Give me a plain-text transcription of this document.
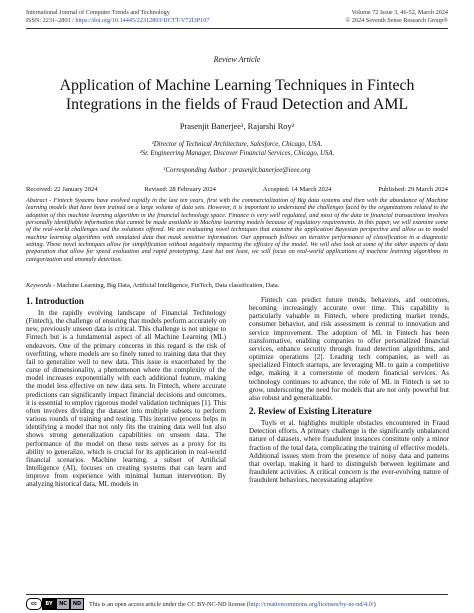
International Journal of Computer Trends and Technology
ISSN: 2231–2803 / https://doi.org/10.14445/22312803/IJCTT-V72I3P107
Volume 72 Issue 3, 46-52, March 2024
© 2024 Seventh Sense Research Group®
Review Article
Application of Machine Learning Techniques in Fintech
Integrations in the fields of Fraud Detection and AML
Prasenjit Banerjee¹, Rajarshi Roy²
¹Director of Technical Architecture, Salesforce, Chicago, USA.
²Sr. Engineering Manager, Discover Financial Services, Chicago, USA.
¹Corresponding Author : prasenjit.banerjee@ieee.org
Received: 22 January 2024	Revised: 28 February 2024	Accepted: 14 March 2024	Published: 29 March 2024

Abstract - Fintech Systems have evolved rapidly in the last ten years, first with the commercialization of Big data systems and then with the abundance of Machine learning models that have been trained on a large volume of data sets. However, it is important to understand the challenges faced by the organizations related to the adoption of this machine learning algorithm in the financial technology space. Finance is very well regulated, and most of the data in financial transactions involves personally identifiable information that cannot be made available to Machine learning models because of regulatory requirements. In this paper, we will examine some of the real-world challenges and the solutions offered. We are evaluating novel techniques that examine the application Bayesian perspective and allow us to model machine learning algorithms with simulated data that mask sensitive information. Our approach follows an iterative performance of classification in a diagnostic setting. These novel techniques allow for simplification without negatively impacting the efficacy of the model. We will also look at some of the other aspects of data preparation that allow for speed evaluation and rapid prototyping. Last but not least, we will focus on real-world applications of machine learning algorithms in categorization and anomaly detection.

Keywords - Machine Learning, Big Data, Artificial Intelligence, FinTech, Data classification, Data.

1. Introduction

In the rapidly evolving landscape of Financial Technology (Fintech), the challenge of ensuring that models perform accurately on new, previously unseen data is critical. This challenge is not unique to Fintech but is a fundamental aspect of all Machine Learning (ML) endeavors. One of the primary concerns in this regard is the risk of overfitting, where models are so finely tuned to training data that they fail to generalize well to new data. This issue is exacerbated by the curse of dimensionality, a phenomenon where the complexity of the model increases exponentially with each additional feature, making the model less effective on new data sets. In Fintech, where accurate predictions can significantly impact financial decisions and outcomes, it is essential to employ rigorous model validation techniques [1]. This often involves dividing the dataset into multiple subsets to perform various rounds of training and testing. This iterative process helps in identifying a model that not only fits the training data well but also shows strong generalization capabilities on unseen data. The performance of the model on these tests serves as a proxy for its ability to generalize, which is crucial for its application in real-world financial scenarios. Machine learning, a subset of Artificial Intelligence (AI), focuses on creating systems that can learn and improve from experience with minimal human intervention. By analyzing historical data, ML models in

Fintech can predict future trends, behaviors, and outcomes, becoming increasingly accurate over time. This capability is particularly valuable in Fintech, where predicting market trends, consumer behavior, and risk assessment is central to innovation and service improvement. The adoption of ML in Fintech has been transformative, enabling companies to offer personalized financial services, enhance security through fraud detection algorithms, and optimize operations [2]. Leading tech companies, as well as specialized Fintech startups, are leveraging ML to gain a competitive edge, making it a cornerstone of modern financial services. As technology continues to advance, the role of ML in Fintech is set to grow, underscoring the need for models that are not only powerful but also robust and generalizable.

2. Review of Existing Literature

Tuyls et al. highlights multiple obstacles encountered in Fraud Detection efforts. A primary challenge is the significantly unbalanced nature of datasets, where fraudulent instances constitute only a minor fraction of the total data, complicating the training of effective models. Additional issues stem from the presence of noisy data and patterns that overlap, making it hard to distinguish between legitimate and fraudulent activities. A critical concern is the ever-evolving nature of fraudulent behaviors, necessitating adaptive

cc	BY	NC	ND	This is an open access article under the CC BY-NC-ND license (http://creativecommons.org/licenses/by-nc-nd/4.0/)
